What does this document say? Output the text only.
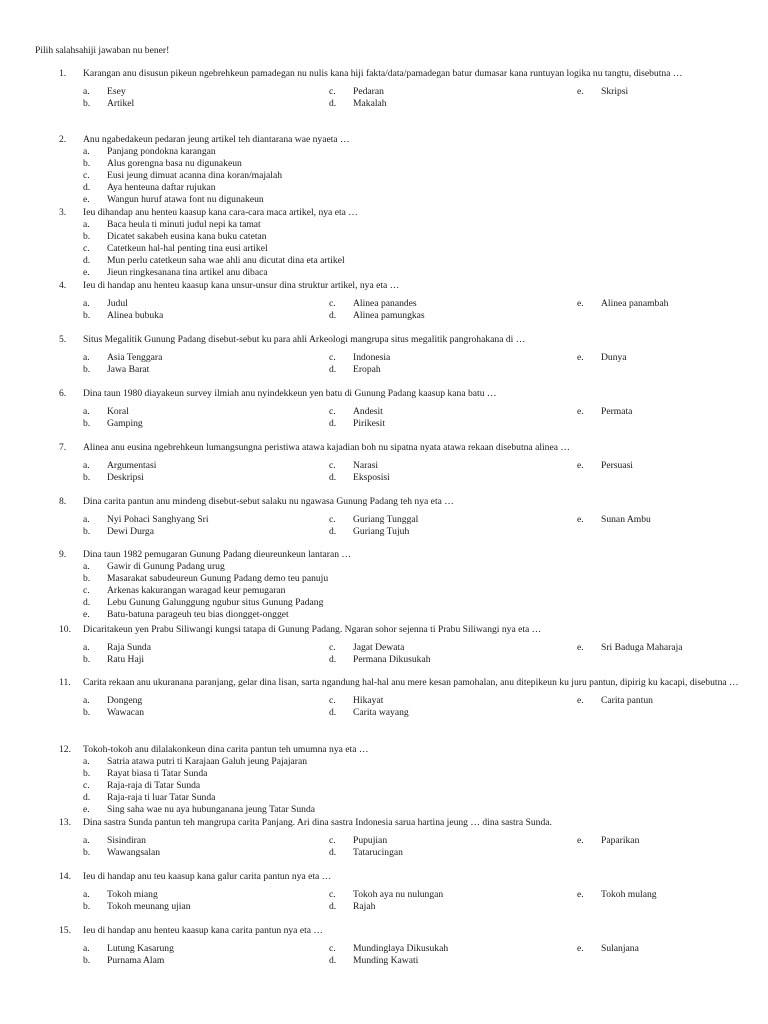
Pilih salahsahiji jawaban nu bener!
1. Karangan anu disusun pikeun ngebrehkeun pamadegan nu nulis kana hiji fakta/data/pamadegan batur dumasar kana runtuyan logika nu tangtu, disebutna …
a. Esey
b. Artikel
c. Pedaran
d. Makalah
e. Skripsi
2. Anu ngabedakeun pedaran jeung artikel teh diantarana wae nyaeta …
a. Panjang pondokna karangan
b. Alus gorengna basa nu digunakeun
c. Eusi jeung dimuat acanna dina koran/majalah
d. Aya henteuna daftar rujukan
e. Wangun huruf atawa font nu digunakeun
3. Ieu dihandap anu henteu kaasup kana cara-cara maca artikel, nya eta …
a. Baca heula ti minuti judul nepi ka tamat
b. Dicatet sakabeh eusina kana buku catetan
c. Catetkeun hal-hal penting tina eusi artikel
d. Mun perlu catetkeun saha wae ahli anu dicutat dina eta artikel
e. Jieun ringkesanana tina artikel anu dibaca
4. Ieu di handap anu henteu kaasup kana unsur-unsur dina struktur artikel, nya eta …
a. Judul
b. Alinea bubuka
c. Alinea panandes
d. Alinea pamungkas
e. Alinea panambah
5. Situs Megalitik Gunung Padang disebut-sebut ku para ahli Arkeologi mangrupa situs megalitik pangrohakana di …
a. Asia Tenggara
b. Jawa Barat
c. Indonesia
d. Eropah
e. Dunya
6. Dina taun 1980 diayakeun survey ilmiah anu nyindekkeun yen batu di Gunung Padang kaasup kana batu …
a. Koral
b. Gamping
c. Andesit
d. Pirikesit
e. Permata
7. Alinea anu eusina ngebrehkeun lumangsungna peristiwa atawa kajadian boh nu sipatna nyata atawa rekaan disebutna alinea …
a. Argumentasi
b. Deskripsi
c. Narasi
d. Eksposisi
e. Persuasi
8. Dina carita pantun anu mindeng disebut-sebut salaku nu ngawasa Gunung Padang teh nya eta …
a. Nyi Pohaci Sanghyang Sri
b. Dewi Durga
c. Guriang Tunggal
d. Guriang Tujuh
e. Sunan Ambu
9. Dina taun 1982 pemugaran Gunung Padang dieureunkeun lantaran …
a. Gawir di Gunung Padang urug
b. Masarakat sabudeureun Gunung Padang demo teu panuju
c. Arkenas kakurangan waragad keur pemugaran
d. Lebu Gunung Galunggung ngubur situs Gunung Padang
e. Batu-batuna parageuh teu bias diongget-ongget
10. Dicaritakeun yen Prabu Siliwangi kungsi tatapa di Gunung Padang. Ngaran sohor sejenna ti Prabu Siliwangi nya eta …
a. Raja Sunda
b. Ratu Haji
c. Jagat Dewata
d. Permana Dikusukah
e. Sri Baduga Maharaja
11. Carita rekaan anu ukuranana paranjang, gelar dina lisan, sarta ngandung hal-hal anu mere kesan pamohalan, anu ditepikeun ku juru pantun, dipirig ku kacapi, disebutna …
a. Dongeng
b. Wawacan
c. Hikayat
d. Carita wayang
e. Carita pantun
12. Tokoh-tokoh anu dilalakonkeun dina carita pantun teh umumna nya eta …
a. Satria atawa putri ti Karajaan Galuh jeung Pajajaran
b. Rayat biasa ti Tatar Sunda
c. Raja-raja di Tatar Sunda
d. Raja-raja ti luar Tatar Sunda
e. Sing saha wae nu aya hubunganana jeung Tatar Sunda
13. Dina sastra Sunda pantun teh mangrupa carita Panjang. Ari dina sastra Indonesia sarua hartina jeung … dina sastra Sunda.
a. Sisindiran
b. Wawangsalan
c. Pupujian
d. Tatarucingan
e. Paparikan
14. Ieu di handap anu teu kaasup kana galur carita pantun nya eta …
a. Tokoh miang
b. Tokoh meunang ujian
c. Tokoh aya nu nulungan
d. Rajah
e. Tokoh mulang
15. Ieu di handap anu henteu kaasup kana carita pantun nya eta …
a. Lutung Kasarung
b. Purnama Alam
c. Mundinglaya Dikusukah
d. Munding Kawati
e. Sulanjana
